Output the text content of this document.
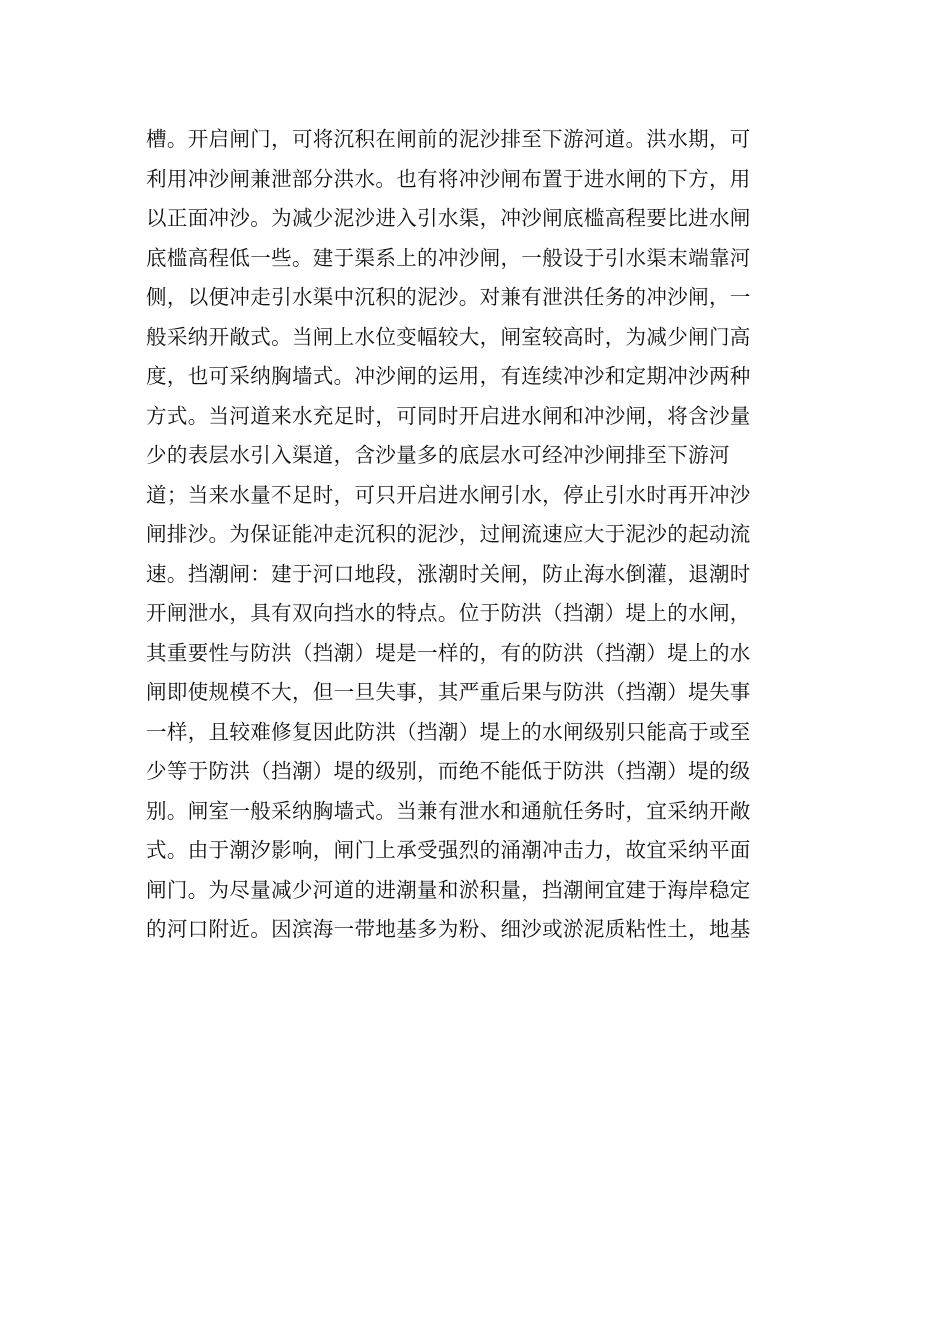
槽。开启闸门，可将沉积在闸前的泥沙排至下游河道。洪水期，可
利用冲沙闸兼泄部分洪水。也有将冲沙闸布置于进水闸的下方，用
以正面冲沙。为减少泥沙进入引水渠，冲沙闸底槛高程要比进水闸
底槛高程低一些。建于渠系上的冲沙闸，一般设于引水渠末端靠河
侧，以便冲走引水渠中沉积的泥沙。对兼有泄洪任务的冲沙闸，一
般采纳开敞式。当闸上水位变幅较大，闸室较高时，为减少闸门高
度，也可采纳胸墙式。冲沙闸的运用，有连续冲沙和定期冲沙两种
方式。当河道来水充足时，可同时开启进水闸和冲沙闸，将含沙量
少的表层水引入渠道，含沙量多的底层水可经冲沙闸排至下游河
道；当来水量不足时，可只开启进水闸引水，停止引水时再开冲沙
闸排沙。为保证能冲走沉积的泥沙，过闸流速应大于泥沙的起动流
速。挡潮闸：建于河口地段，涨潮时关闸，防止海水倒灌，退潮时
开闸泄水，具有双向挡水的特点。位于防洪（挡潮）堤上的水闸，
其重要性与防洪（挡潮）堤是一样的，有的防洪（挡潮）堤上的水
闸即使规模不大，但一旦失事，其严重后果与防洪（挡潮）堤失事
一样，且较难修复因此防洪（挡潮）堤上的水闸级别只能高于或至
少等于防洪（挡潮）堤的级别，而绝不能低于防洪（挡潮）堤的级
别。闸室一般采纳胸墙式。当兼有泄水和通航任务时，宜采纳开敞
式。由于潮汐影响，闸门上承受强烈的涌潮冲击力，故宜采纳平面
闸门。为尽量减少河道的进潮量和淤积量，挡潮闸宜建于海岸稳定
的河口附近。因滨海一带地基多为粉、细沙或淤泥质粘性土，地基
